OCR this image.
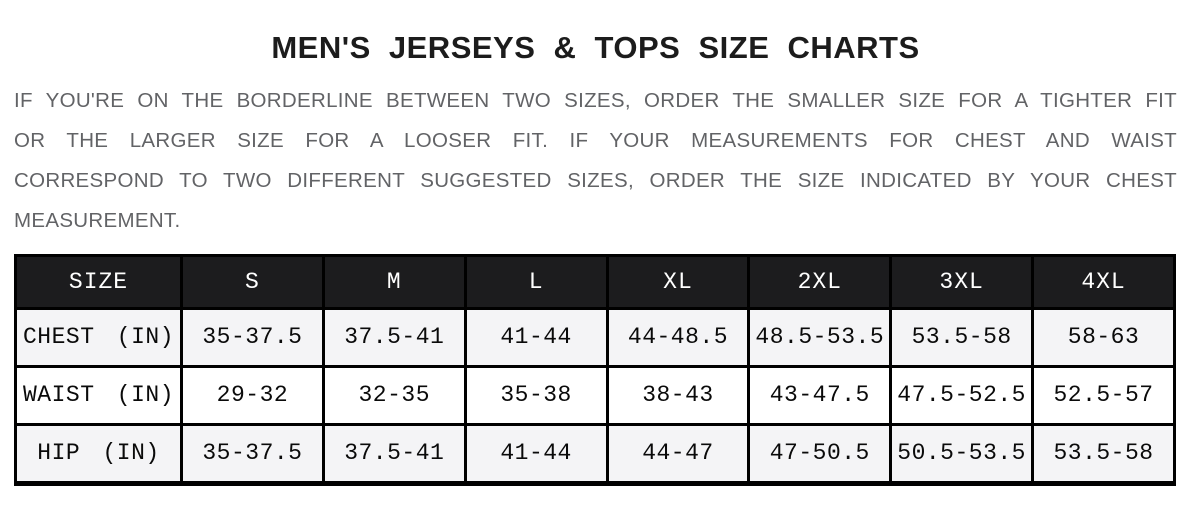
MEN'S JERSEYS & TOPS SIZE CHARTS

IF YOU'RE ON THE BORDERLINE BETWEEN TWO SIZES, ORDER THE SMALLER SIZE FOR A TIGHTER FIT OR THE LARGER SIZE FOR A LOOSER FIT. IF YOUR MEASUREMENTS FOR CHEST AND WAIST CORRESPOND TO TWO DIFFERENT SUGGESTED SIZES, ORDER THE SIZE INDICATED BY YOUR CHEST MEASUREMENT.

SIZE	S	M	L	XL	2XL	3XL	4XL
CHEST (IN)	35-37.5	37.5-41	41-44	44-48.5	48.5-53.5	53.5-58	58-63
WAIST (IN)	29-32	32-35	35-38	38-43	43-47.5	47.5-52.5	52.5-57
HIP (IN)	35-37.5	37.5-41	41-44	44-47	47-50.5	50.5-53.5	53.5-58
